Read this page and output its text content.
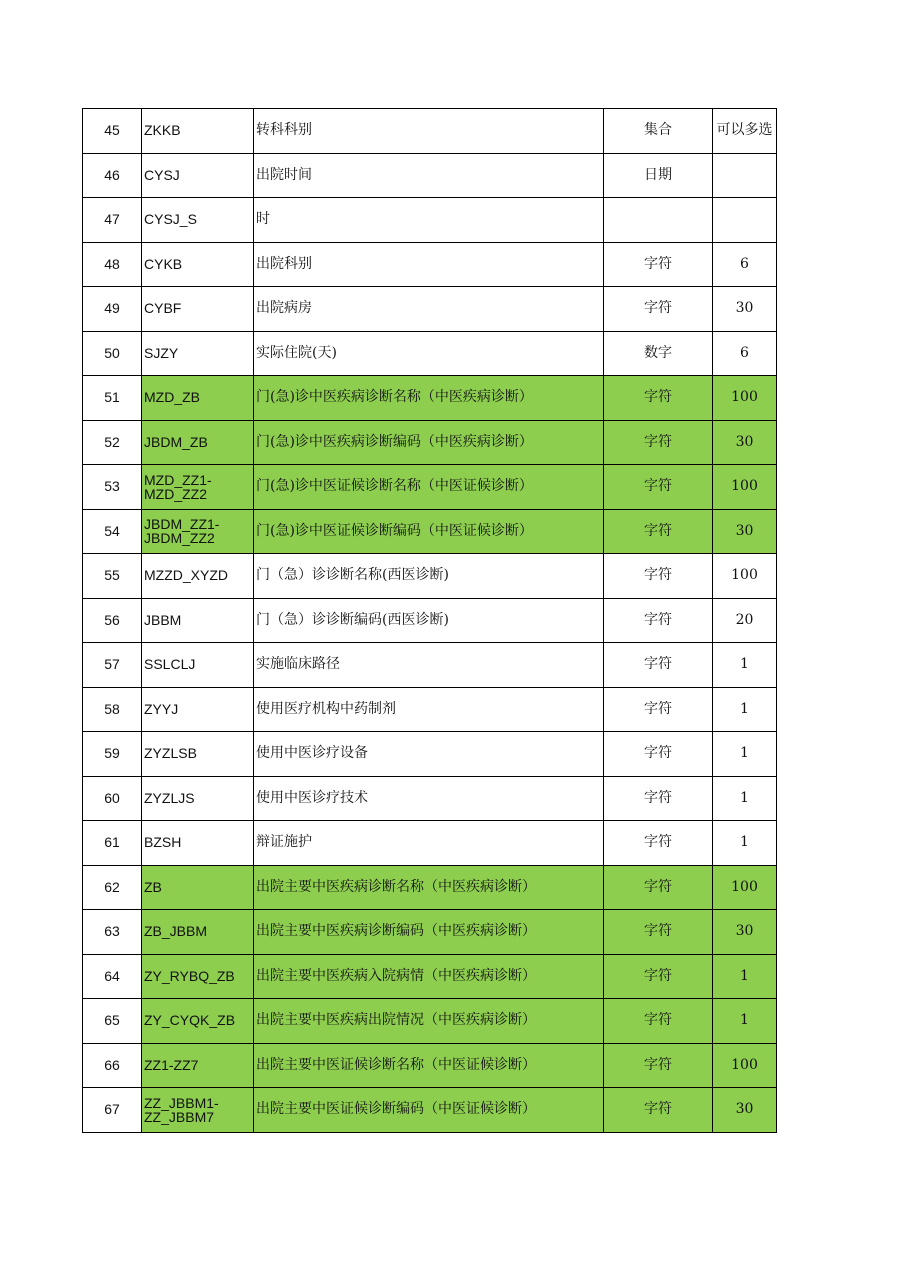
45	ZKKB	转科科别	集合	可以多选
46	CYSJ	出院时间	日期	
47	CYSJ_S	时		
48	CYKB	出院科别	字符	6
49	CYBF	出院病房	字符	30
50	SJZY	实际住院(天)	数字	6
51	MZD_ZB	门(急)诊中医疾病诊断名称（中医疾病诊断）	字符	100
52	JBDM_ZB	门(急)诊中医疾病诊断编码（中医疾病诊断）	字符	30
53	MZD_ZZ1-
MZD_ZZ2	门(急)诊中医证候诊断名称（中医证候诊断）	字符	100
54	JBDM_ZZ1-
JBDM_ZZ2	门(急)诊中医证候诊断编码（中医证候诊断）	字符	30
55	MZZD_XYZD	门（急）诊诊断名称(西医诊断)	字符	100
56	JBBM	门（急）诊诊断编码(西医诊断)	字符	20
57	SSLCLJ	实施临床路径	字符	1
58	ZYYJ	使用医疗机构中药制剂	字符	1
59	ZYZLSB	使用中医诊疗设备	字符	1
60	ZYZLJS	使用中医诊疗技术	字符	1
61	BZSH	辩证施护	字符	1
62	ZB	出院主要中医疾病诊断名称（中医疾病诊断）	字符	100
63	ZB_JBBM	出院主要中医疾病诊断编码（中医疾病诊断）	字符	30
64	ZY_RYBQ_ZB	出院主要中医疾病入院病情（中医疾病诊断）	字符	1
65	ZY_CYQK_ZB	出院主要中医疾病出院情况（中医疾病诊断）	字符	1
66	ZZ1-ZZ7	出院主要中医证候诊断名称（中医证候诊断）	字符	100
67	ZZ_JBBM1-
ZZ_JBBM7	出院主要中医证候诊断编码（中医证候诊断）	字符	30
